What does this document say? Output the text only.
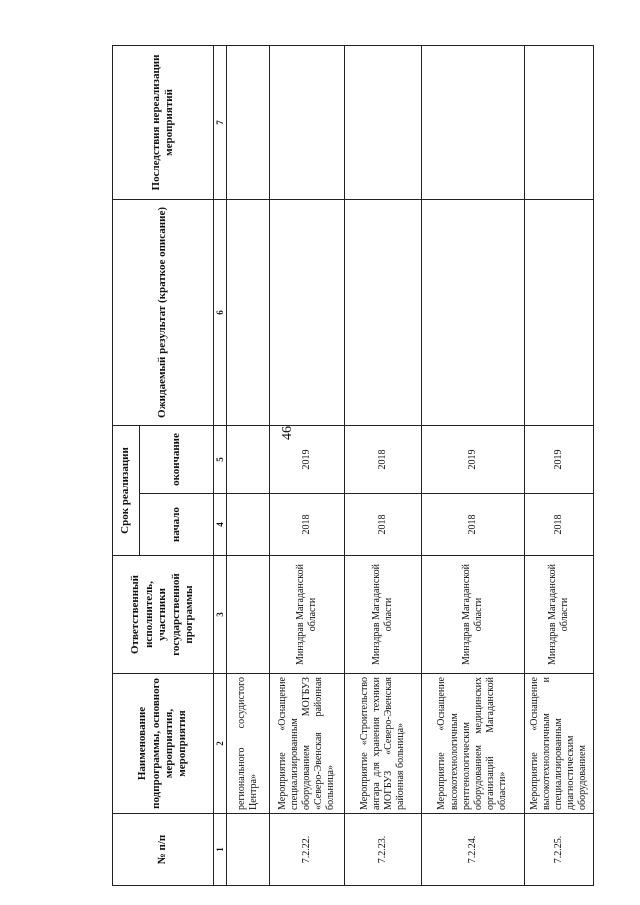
46
№ п/п	Наименование подпрограммы, основного мероприятия, мероприятия	Ответственный исполнитель, участники государственной программы	Срок реализации		Ожидаемый результат (краткое описание)	Последствия нереализации мероприятий
			начало	окончание		
1	2	3	4	5	6	7
	регионального сосудистого Центра»					
7.2.22.	Мероприятие «Оснащение специализированным оборудованием МОГБУЗ «Северо-Эвенская районная больница»	Минздрав Магаданской области	2018	2019		
7.2.23.	Мероприятие «Строительство ангара для хранения техники МОГБУЗ «Северо-Эвенская районная больница»	Минздрав Магаданской области	2018	2018		
7.2.24.	Мероприятие «Оснащение высокотехнологичным рентгенологическим оборудованием медицинских организаций Магаданской области»	Минздрав Магаданской области	2018	2019		
7.2.25.	Мероприятие «Оснащение высокотехнологичным и специализированным диагностическим оборудованием	Минздрав Магаданской области	2018	2019		
